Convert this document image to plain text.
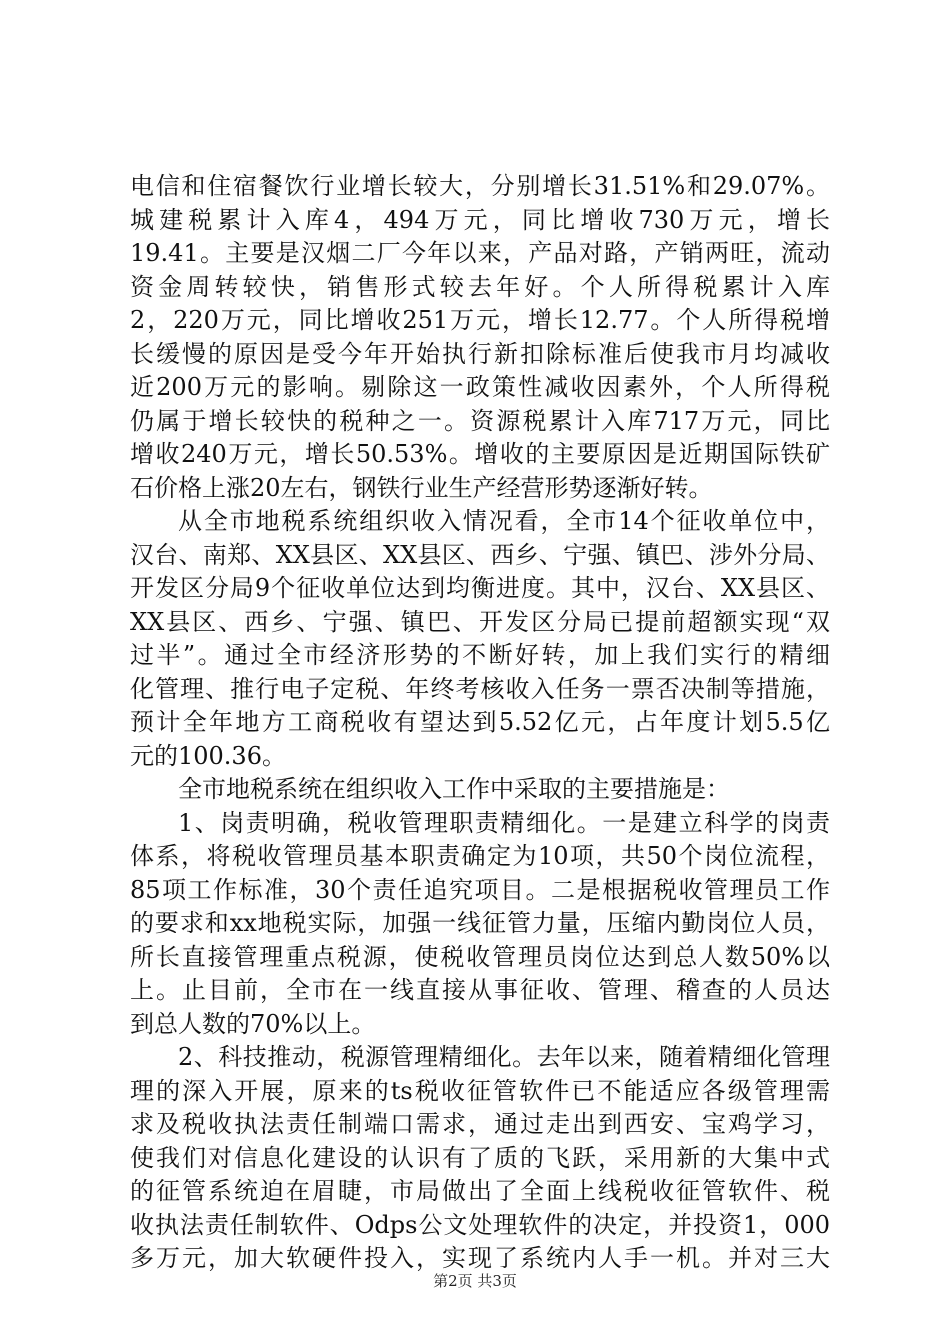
电信和住宿餐饮行业增长较大，分别增长31.51%和29.07%。
城建税累计入库4，494万元，同比增收730万元，增长
19.41。主要是汉烟二厂今年以来，产品对路，产销两旺，流动
资金周转较快，销售形式较去年好。个人所得税累计入库
2，220万元，同比增收251万元，增长12.77。个人所得税增
长缓慢的原因是受今年开始执行新扣除标准后使我市月均减收
近200万元的影响。剔除这一政策性减收因素外，个人所得税
仍属于增长较快的税种之一。资源税累计入库717万元，同比
增收240万元，增长50.53%。增收的主要原因是近期国际铁矿
石价格上涨20左右，钢铁行业生产经营形势逐渐好转。
从全市地税系统组织收入情况看，全市14个征收单位中，
汉台、南郑、XX县区、XX县区、西乡、宁强、镇巴、涉外分局、
开发区分局9个征收单位达到均衡进度。其中，汉台、XX县区、
XX县区、西乡、宁强、镇巴、开发区分局已提前超额实现“双
过半”。通过全市经济形势的不断好转，加上我们实行的精细
化管理、推行电子定税、年终考核收入任务一票否决制等措施，
预计全年地方工商税收有望达到5.52亿元，占年度计划5.5亿
元的100.36。
全市地税系统在组织收入工作中采取的主要措施是：
1、岗责明确，税收管理职责精细化。一是建立科学的岗责
体系，将税收管理员基本职责确定为10项，共50个岗位流程，
85项工作标准，30个责任追究项目。二是根据税收管理员工作
的要求和xx地税实际，加强一线征管力量，压缩内勤岗位人员，
所长直接管理重点税源，使税收管理员岗位达到总人数50%以
上。止目前，全市在一线直接从事征收、管理、稽查的人员达
到总人数的70%以上。
2、科技推动，税源管理精细化。去年以来，随着精细化管理
理的深入开展，原来的ts税收征管软件已不能适应各级管理需
求及税收执法责任制端口需求，通过走出到西安、宝鸡学习，
使我们对信息化建设的认识有了质的飞跃，采用新的大集中式
的征管系统迫在眉睫，市局做出了全面上线税收征管软件、税
收执法责任制软件、Odps公文处理软件的决定，并投资1，000
多万元，加大软硬件投入，实现了系统内人手一机。并对三大
第2页 共3页
